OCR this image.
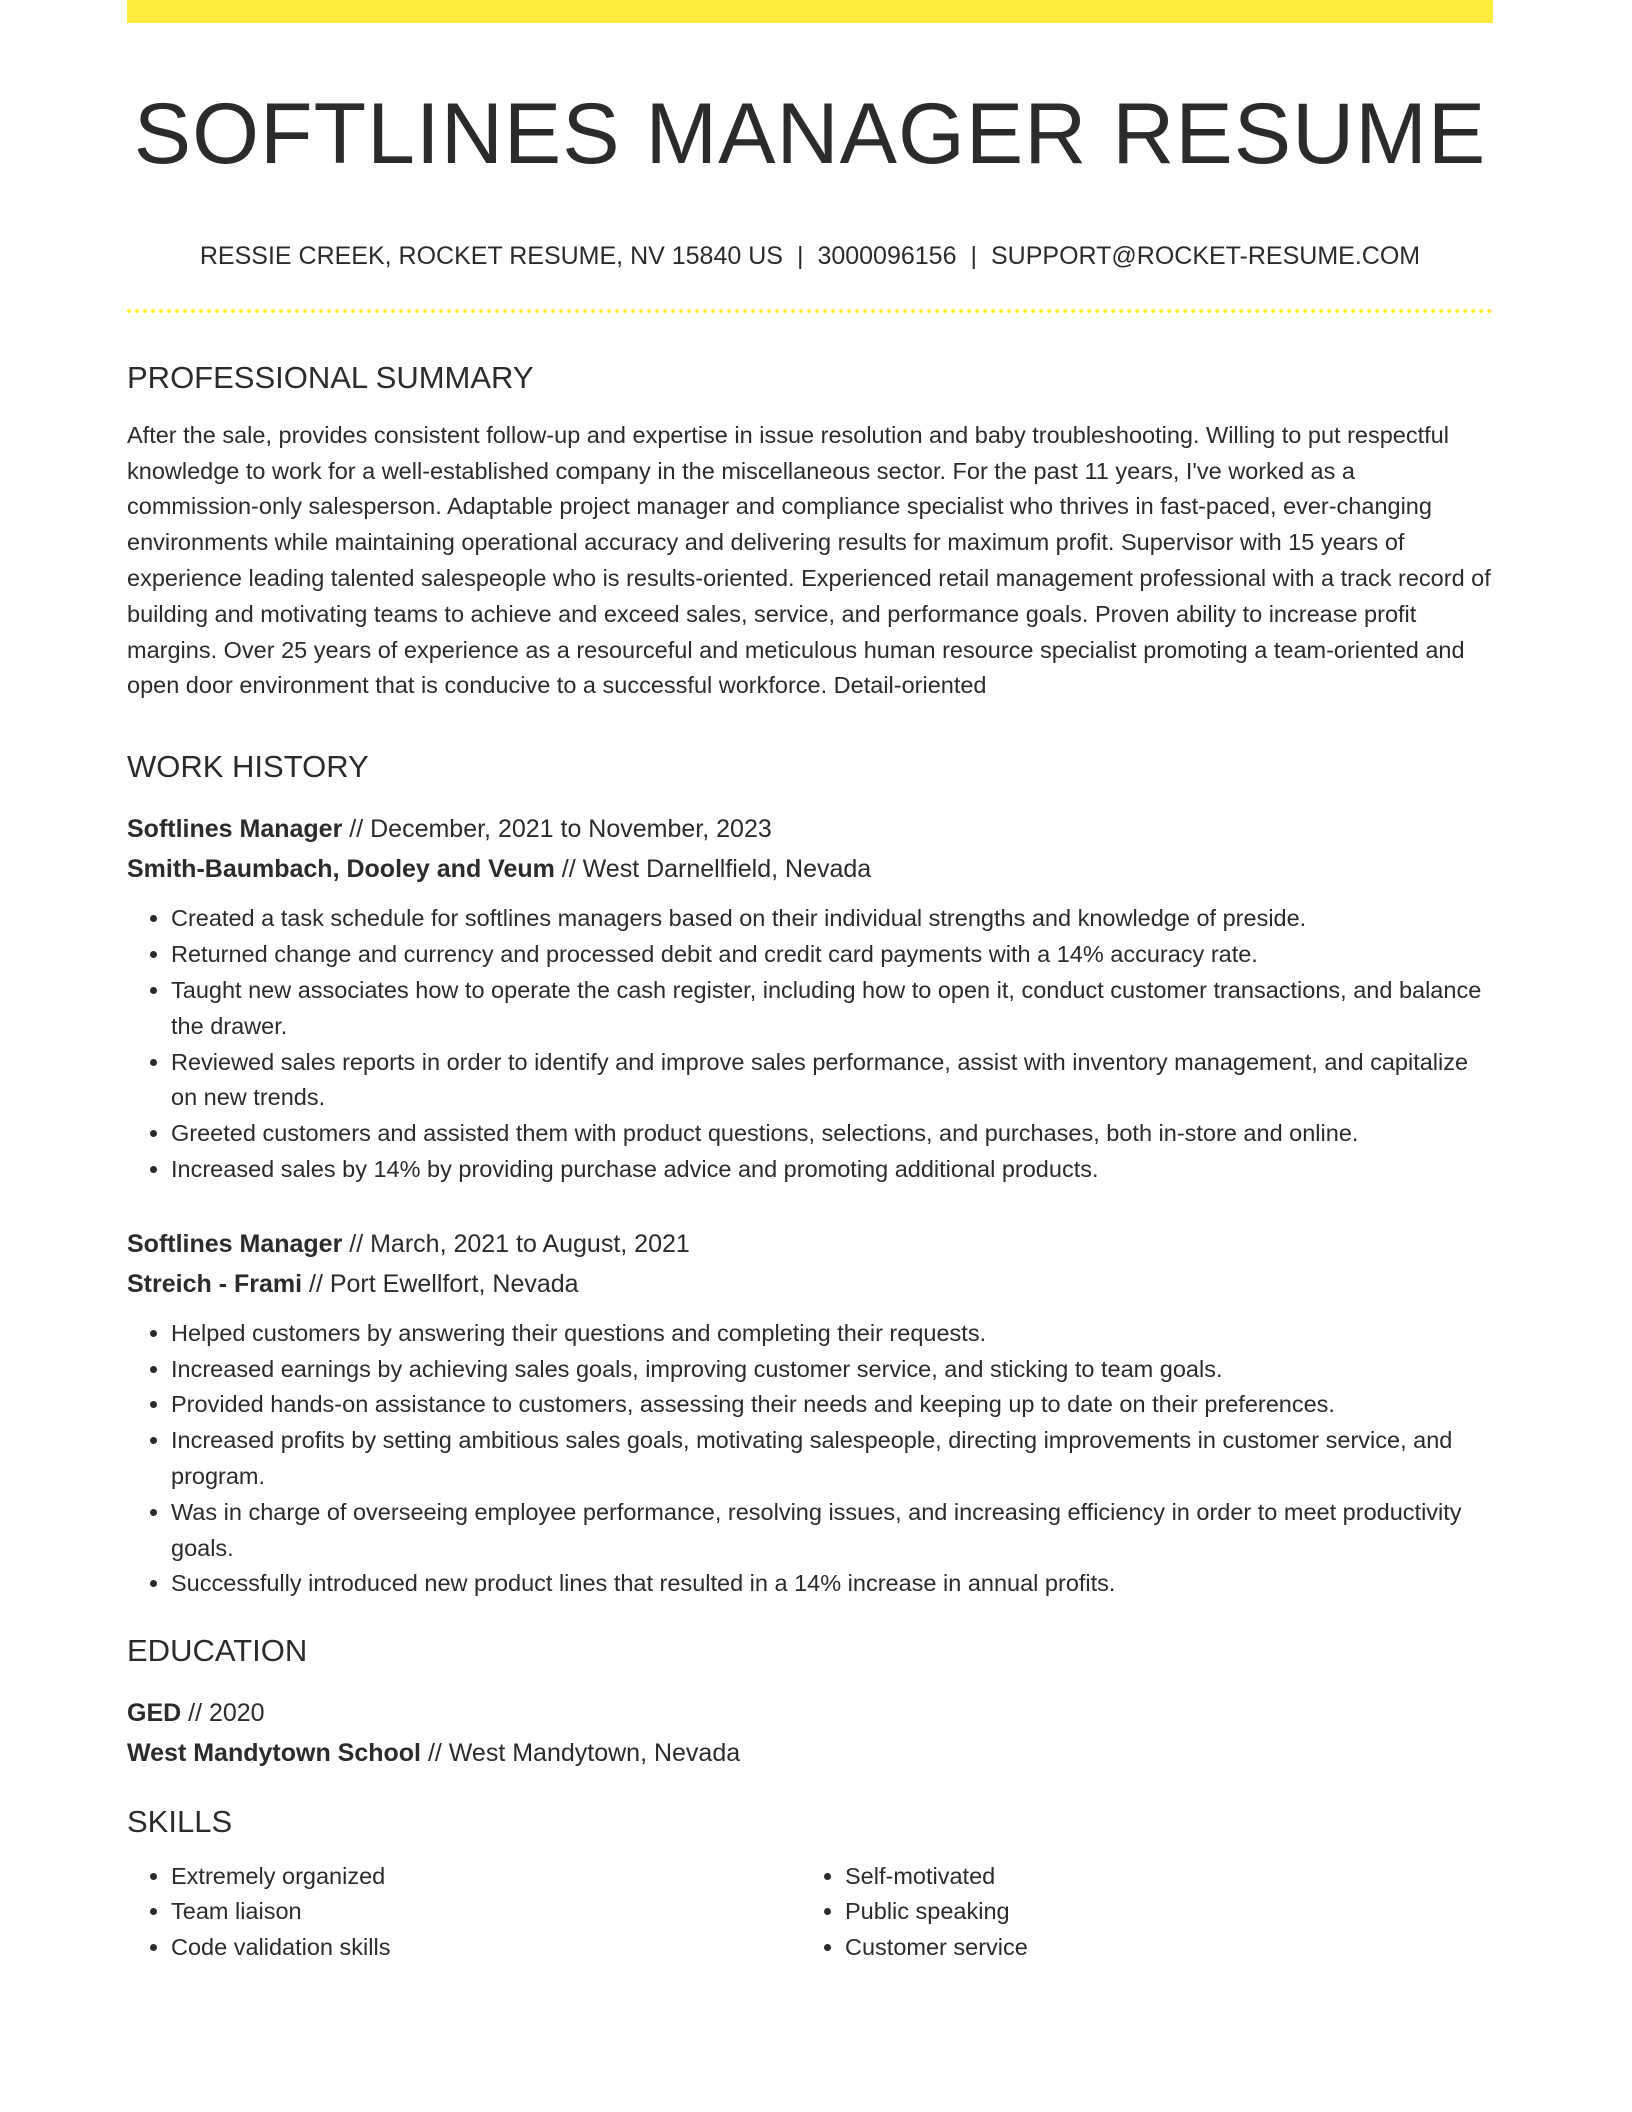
SOFTLINES MANAGER RESUME
RESSIE CREEK, ROCKET RESUME, NV 15840 US | 3000096156 | SUPPORT@ROCKET-RESUME.COM
PROFESSIONAL SUMMARY

After the sale, provides consistent follow-up and expertise in issue resolution and baby troubleshooting. Willing to put respectful knowledge to work for a well-established company in the miscellaneous sector. For the past 11 years, I've worked as a commission-only salesperson. Adaptable project manager and compliance specialist who thrives in fast-paced, ever-changing environments while maintaining operational accuracy and delivering results for maximum profit. Supervisor with 15 years of experience leading talented salespeople who is results-oriented. Experienced retail management professional with a track record of building and motivating teams to achieve and exceed sales, service, and performance goals. Proven ability to increase profit margins. Over 25 years of experience as a resourceful and meticulous human resource specialist promoting a team-oriented and open door environment that is conducive to a successful workforce. Detail-oriented

WORK HISTORY
Softlines Manager // December, 2021 to November, 2023
Smith-Baumbach, Dooley and Veum // West Darnellfield, Nevada
• Created a task schedule for softlines managers based on their individual strengths and knowledge of preside.
• Returned change and currency and processed debit and credit card payments with a 14% accuracy rate.
• Taught new associates how to operate the cash register, including how to open it, conduct customer transactions, and balance the drawer.
• Reviewed sales reports in order to identify and improve sales performance, assist with inventory management, and capitalize on new trends.
• Greeted customers and assisted them with product questions, selections, and purchases, both in-store and online.
• Increased sales by 14% by providing purchase advice and promoting additional products.
Softlines Manager // March, 2021 to August, 2021
Streich - Frami // Port Ewellfort, Nevada
• Helped customers by answering their questions and completing their requests.
• Increased earnings by achieving sales goals, improving customer service, and sticking to team goals.
• Provided hands-on assistance to customers, assessing their needs and keeping up to date on their preferences.
• Increased profits by setting ambitious sales goals, motivating salespeople, directing improvements in customer service, and program.
• Was in charge of overseeing employee performance, resolving issues, and increasing efficiency in order to meet productivity goals.
• Successfully introduced new product lines that resulted in a 14% increase in annual profits.
EDUCATION
GED // 2020
West Mandytown School // West Mandytown, Nevada
SKILLS
• Extremely organized
• Team liaison
• Code validation skills
• Self-motivated
• Public speaking
• Customer service
